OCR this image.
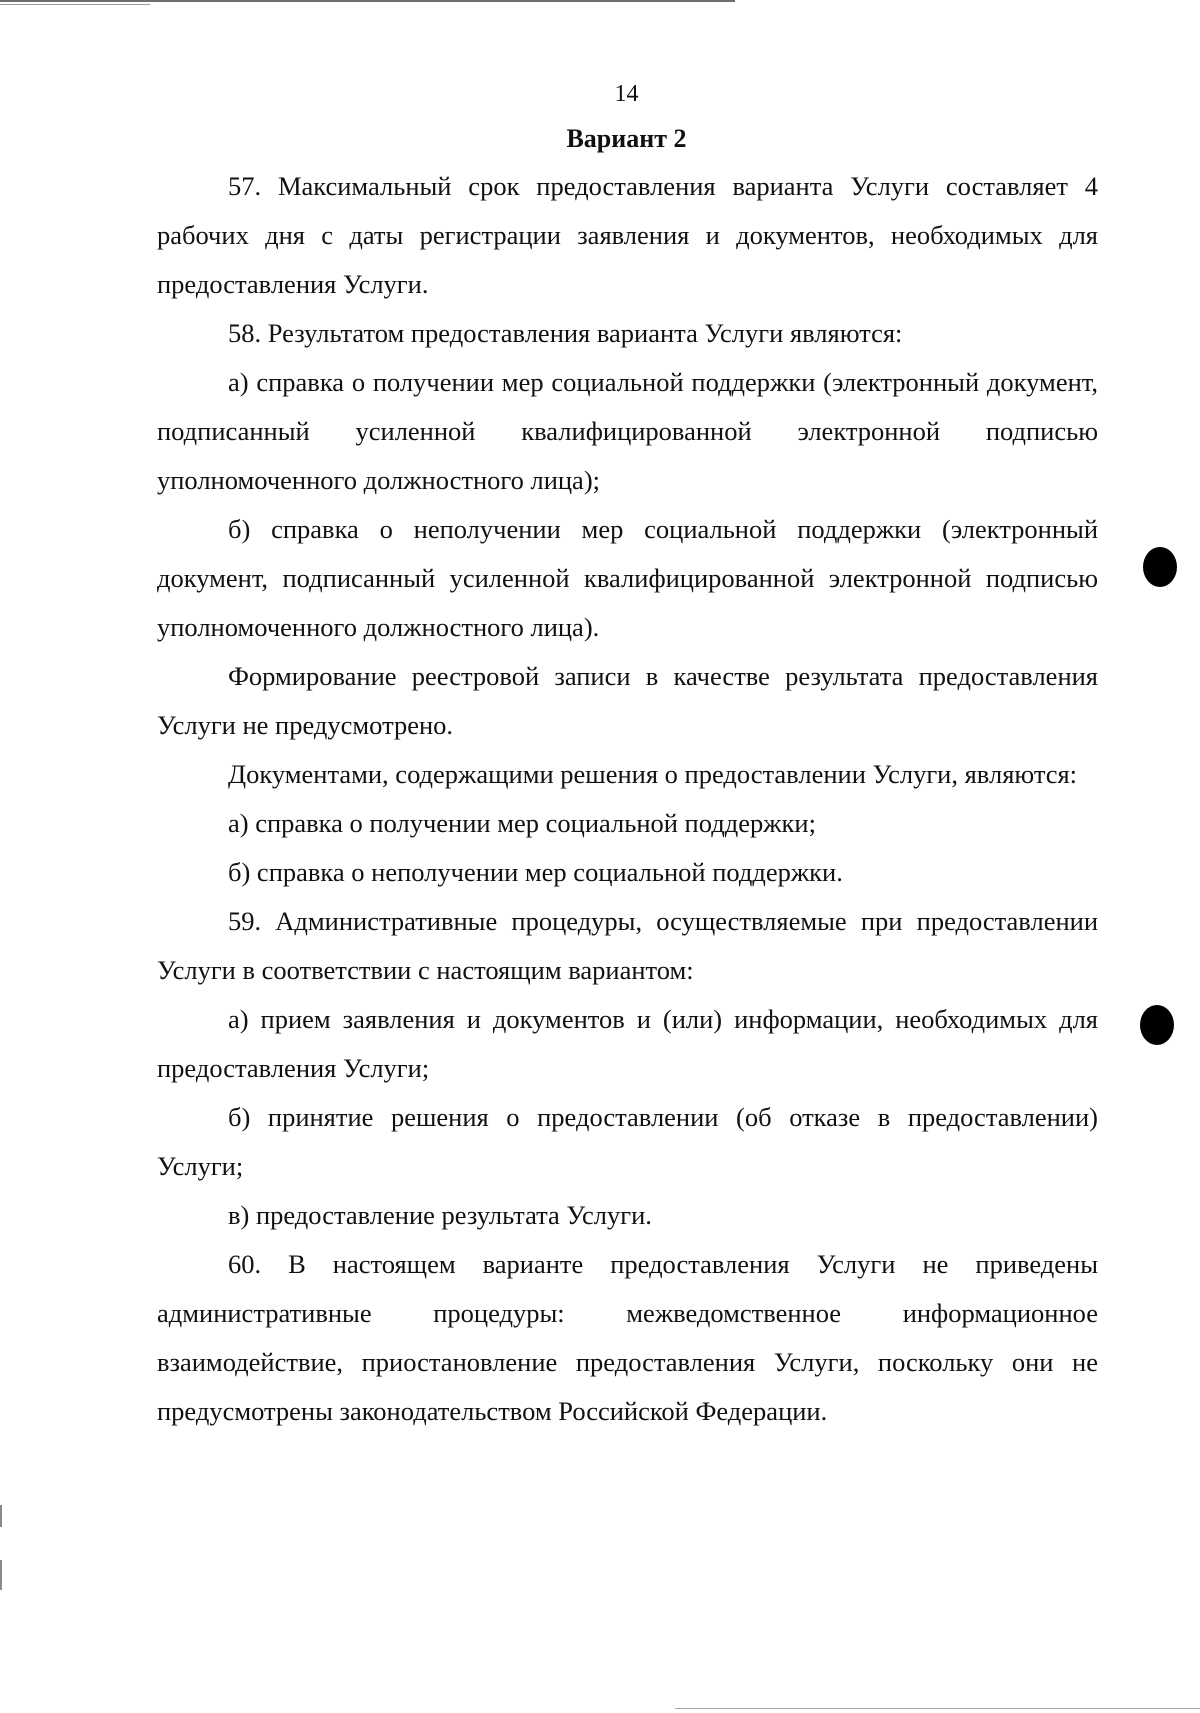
14
Вариант 2

57. Максимальный срок предоставления варианта Услуги составляет 4 рабочих дня с даты регистрации заявления и документов, необходимых для предоставления Услуги.

58. Результатом предоставления варианта Услуги являются:

а) справка о получении мер социальной поддержки (электронный документ, подписанный усиленной квалифицированной электронной подписью уполномоченного должностного лица);

б) справка о неполучении мер социальной поддержки (электронный документ, подписанный усиленной квалифицированной электронной подписью уполномоченного должностного лица).

Формирование реестровой записи в качестве результата предоставления Услуги не предусмотрено.

Документами, содержащими решения о предоставлении Услуги, являются:

а) справка о получении мер социальной поддержки;

б) справка о неполучении мер социальной поддержки.

59. Административные процедуры, осуществляемые при предоставлении Услуги в соответствии с настоящим вариантом:

а) прием заявления и документов и (или) информации, необходимых для предоставления Услуги;

б) принятие решения о предоставлении (об отказе в предоставлении) Услуги;

в) предоставление результата Услуги.

60. В настоящем варианте предоставления Услуги не приведены административные процедуры: межведомственное информационное взаимодействие, приостановление предоставления Услуги, поскольку они не предусмотрены законодательством Российской Федерации.
